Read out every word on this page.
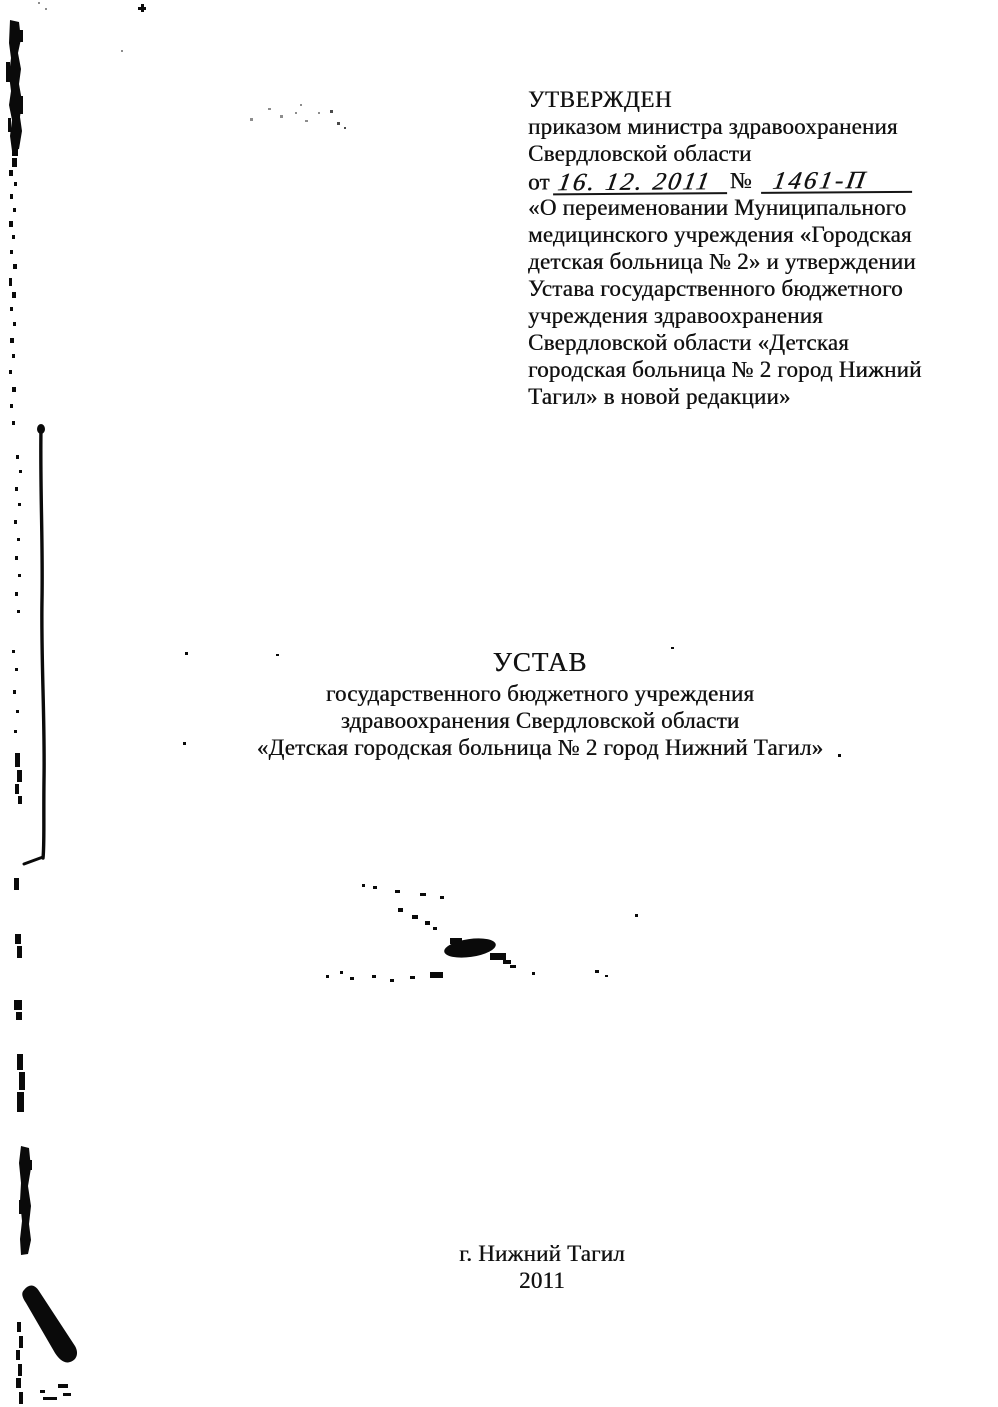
УТВЕРЖДЕН
приказом министра здравоохранения
Свердловской области
от 16. 12. 2011 № 1461-П
«О переименовании Муниципального
медицинского учреждения «Городская
детская больница № 2» и утверждении
Устава государственного бюджетного
учреждения здравоохранения
Свердловской области «Детская
городская больница № 2 город Нижний
Тагил» в новой редакции»
УСТАВ
государственного бюджетного учреждения
здравоохранения Свердловской области
«Детская городская больница № 2 город Нижний Тагил»
г. Нижний Тагил
2011
